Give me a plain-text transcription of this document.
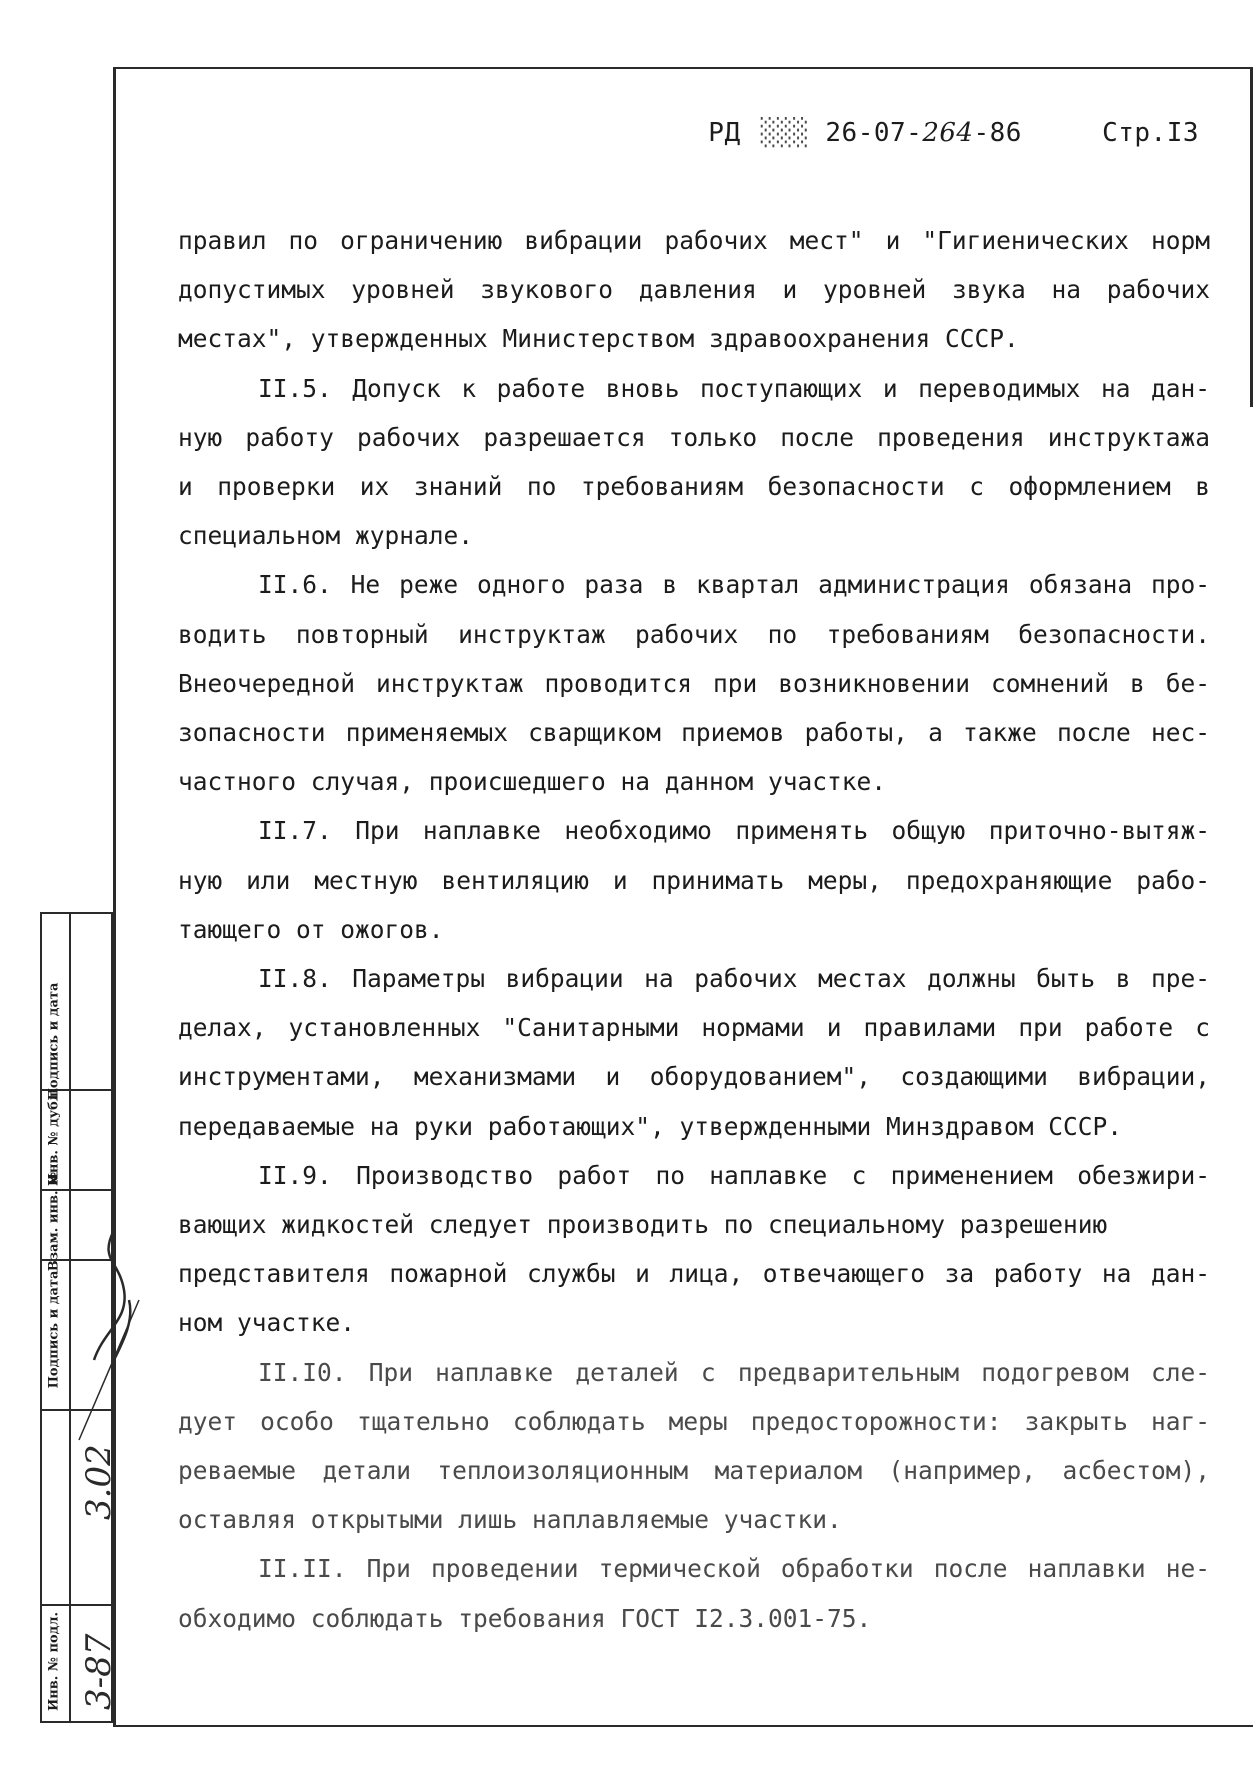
РД ░░░ 26-07-264-86	Стр.I3
правил по ограничению вибрации рабочих мест" и "Гигиенических норм
допустимых уровней звукового давления и уровней звука на рабочих
местах", утвержденных Министерством здравоохранения СССР.
II.5. Допуск к работе вновь поступающих и переводимых на дан-
ную работу рабочих разрешается только после проведения инструктажа
и проверки их знаний по требованиям безопасности с оформлением в
специальном журнале.
II.6. Не реже одного раза в квартал администрация обязана про-
водить повторный инструктаж рабочих по требованиям безопасности.
Внеочередной инструктаж проводится при возникновении сомнений в бе-
зопасности применяемых сварщиком приемов работы, а также после нес-
частного случая, происшедшего на данном участке.
II.7. При наплавке необходимо применять общую приточно-вытяж-
ную или местную вентиляцию и принимать меры, предохраняющие рабо-
тающего от ожогов.
II.8. Параметры вибрации на рабочих местах должны быть в пре-
делах, установленных "Санитарными нормами и правилами при работе с
инструментами, механизмами и оборудованием", создающими вибрации,
передаваемые на руки работающих", утвержденными Минздравом СССР.
II.9. Производство работ по наплавке с применением обезжири-
вающих жидкостей следует производить по специальному разрешению
представителя пожарной службы и лица, отвечающего за работу на дан-
ном участке.
II.I0. При наплавке деталей с предварительным подогревом сле-
дует особо тщательно соблюдать меры предосторожности: закрыть наг-
реваемые детали теплоизоляционным материалом (например, асбестом),
оставляя открытыми лишь наплавляемые участки.
II.II. При проведении термической обработки после наплавки не-
обходимо соблюдать требования ГОСТ I2.3.001-75.
Подпись и дата
Инв. № дубл.
Взам. инв. №
Подпись и дата
Инв. № подл.
3.02
3-87
